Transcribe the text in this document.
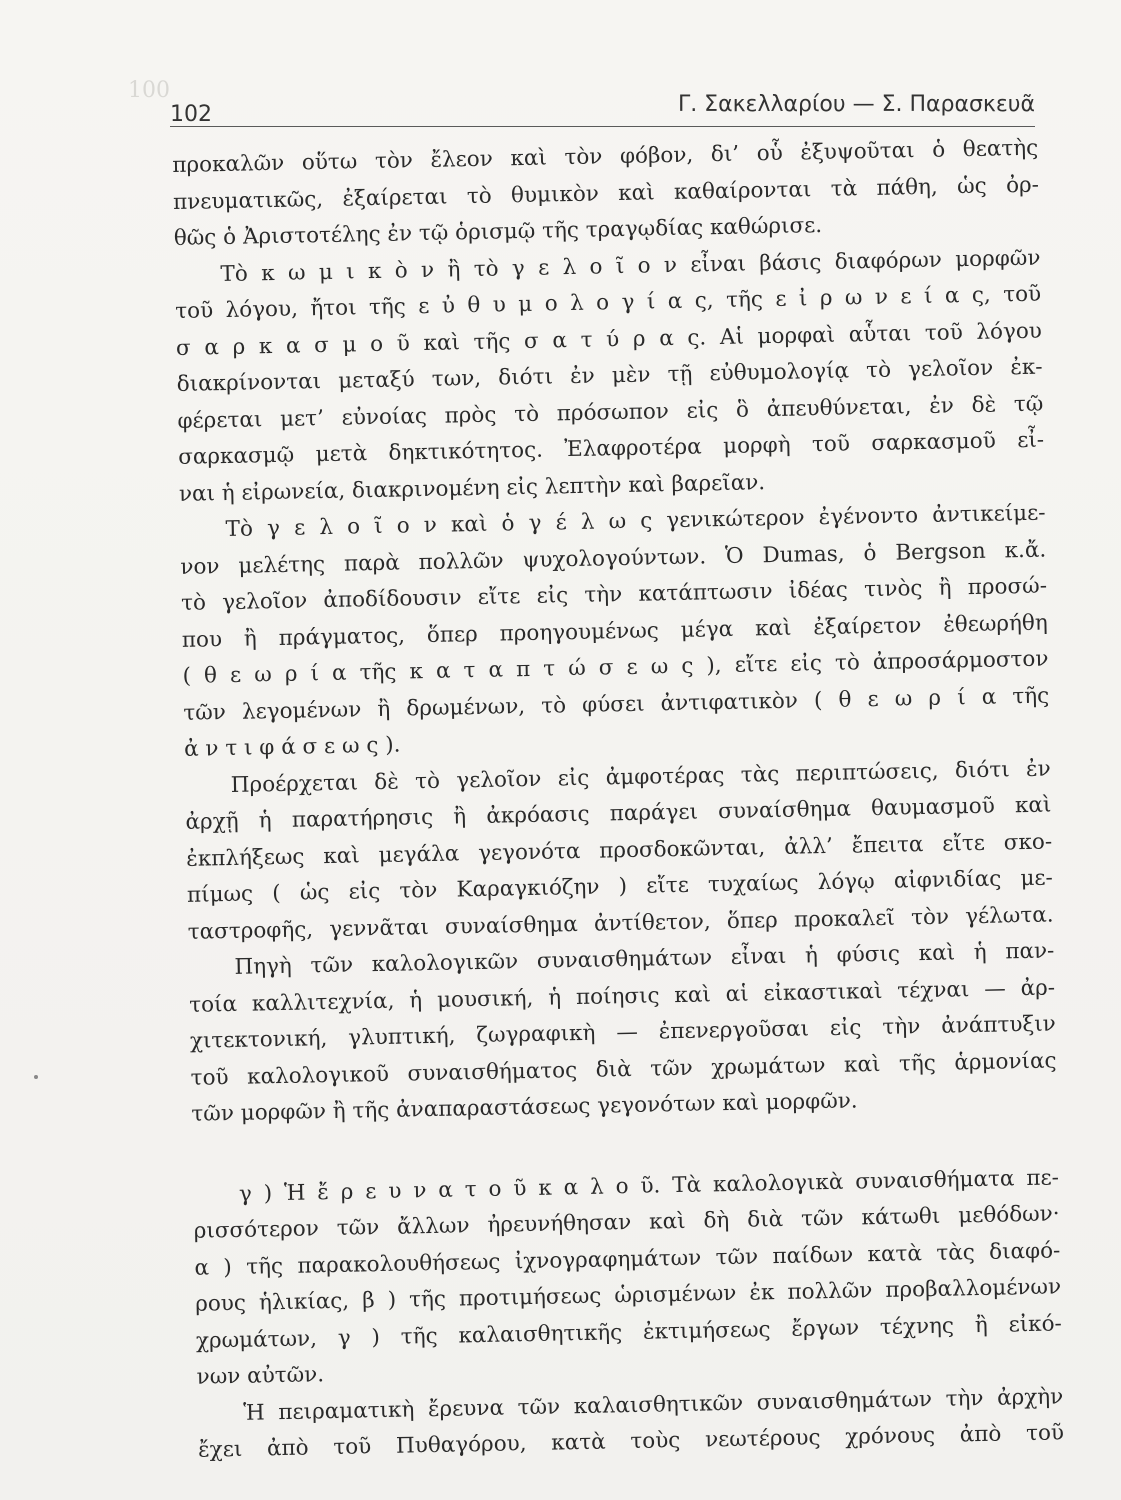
100
102	Γ. Σακελλαρίου — Σ. Παρασκευᾶ
προκαλῶν οὕτω τὸν ἔλεον καὶ τὸν φόβον, δι’ οὗ ἐξυψοῦται ὁ θεατὴς
πνευματικῶς, ἐξαίρεται τὸ θυμικὸν καὶ καθαίρονται τὰ πάθη, ὡς ὀρ-
θῶς ὁ Ἀριστοτέλης ἐν τῷ ὁρισμῷ τῆς τραγῳδίας καθώρισε.
Τὸ κ ω μ ι κ ὸ ν ἢ τὸ γ ε λ ο ῖ ο ν εἶναι βάσις διαφόρων μορφῶν
τοῦ λόγου, ἤτοι τῆς ε ὐ θ υ μ ο λ ο γ ί α ς, τῆς ε ἰ ρ ω ν ε ί α ς, τοῦ
σ α ρ κ α σ μ ο ῦ καὶ τῆς σ α τ ύ ρ α ς. Αἱ μορφαὶ αὗται τοῦ λόγου
διακρίνονται μεταξύ των, διότι ἐν μὲν τῇ εὐθυμολογίᾳ τὸ γελοῖον ἐκ-
φέρεται μετ’ εὐνοίας πρὸς τὸ πρόσωπον εἰς ὃ ἀπευθύνεται, ἐν δὲ τῷ
σαρκασμῷ μετὰ δηκτικότητος. Ἐλαφροτέρα μορφὴ τοῦ σαρκασμοῦ εἶ-
ναι ἡ εἰρωνεία, διακρινομένη εἰς λεπτὴν καὶ βαρεῖαν.
Τὸ γ ε λ ο ῖ ο ν καὶ ὁ γ έ λ ω ς γενικώτερον ἐγένοντο ἀντικείμε-
νον μελέτης παρὰ πολλῶν ψυχολογούντων. Ὁ Dumas, ὁ Bergson κ.ἄ.
τὸ γελοῖον ἀποδίδουσιν εἴτε εἰς τὴν κατάπτωσιν ἰδέας τινὸς ἢ προσώ-
που ἢ πράγματος, ὅπερ προηγουμένως μέγα καὶ ἐξαίρετον ἐθεωρήθη
( θ ε ω ρ ί α τῆς κ α τ α π τ ώ σ ε ω ς ), εἴτε εἰς τὸ ἀπροσάρμοστον
τῶν λεγομένων ἢ δρωμένων, τὸ φύσει ἀντιφατικὸν ( θ ε ω ρ ί α τῆς
ἀ ν τ ι φ ά σ ε ω ς ).
Προέρχεται δὲ τὸ γελοῖον εἰς ἀμφοτέρας τὰς περιπτώσεις, διότι ἐν
ἀρχῇ ἡ παρατήρησις ἢ ἀκρόασις παράγει συναίσθημα θαυμασμοῦ καὶ
ἐκπλήξεως καὶ μεγάλα γεγονότα προσδοκῶνται, ἀλλ’ ἔπειτα εἴτε σκο-
πίμως ( ὡς εἰς τὸν Καραγκιόζην ) εἴτε τυχαίως λόγῳ αἰφνιδίας με-
ταστροφῆς, γεννᾶται συναίσθημα ἀντίθετον, ὅπερ προκαλεῖ τὸν γέλωτα.
Πηγὴ τῶν καλολογικῶν συναισθημάτων εἶναι ἡ φύσις καὶ ἡ παν-
τοία καλλιτεχνία, ἡ μουσική, ἡ ποίησις καὶ αἱ εἰκαστικαὶ τέχναι — ἀρ-
χιτεκτονική, γλυπτική, ζωγραφικὴ — ἐπενεργοῦσαι εἰς τὴν ἀνάπτυξιν
τοῦ καλολογικοῦ συναισθήματος διὰ τῶν χρωμάτων καὶ τῆς ἁρμονίας
τῶν μορφῶν ἢ τῆς ἀναπαραστάσεως γεγονότων καὶ μορφῶν.
γ ) Ἡ ἔ ρ ε υ ν α τ ο ῦ κ α λ ο ῦ. Τὰ καλολογικὰ συναισθήματα πε-
ρισσότερον τῶν ἄλλων ἠρευνήθησαν καὶ δὴ διὰ τῶν κάτωθι μεθόδων·
α ) τῆς παρακολουθήσεως ἰχνογραφημάτων τῶν παίδων κατὰ τὰς διαφό-
ρους ἡλικίας, β ) τῆς προτιμήσεως ὡρισμένων ἐκ πολλῶν προβαλλομένων
χρωμάτων, γ ) τῆς καλαισθητικῆς ἐκτιμήσεως ἔργων τέχνης ἢ εἰκό-
νων αὐτῶν.
Ἡ πειραματικὴ ἔρευνα τῶν καλαισθητικῶν συναισθημάτων τὴν ἀρχὴν
ἔχει ἀπὸ τοῦ Πυθαγόρου, κατὰ τοὺς νεωτέρους χρόνους ἀπὸ τοῦ
